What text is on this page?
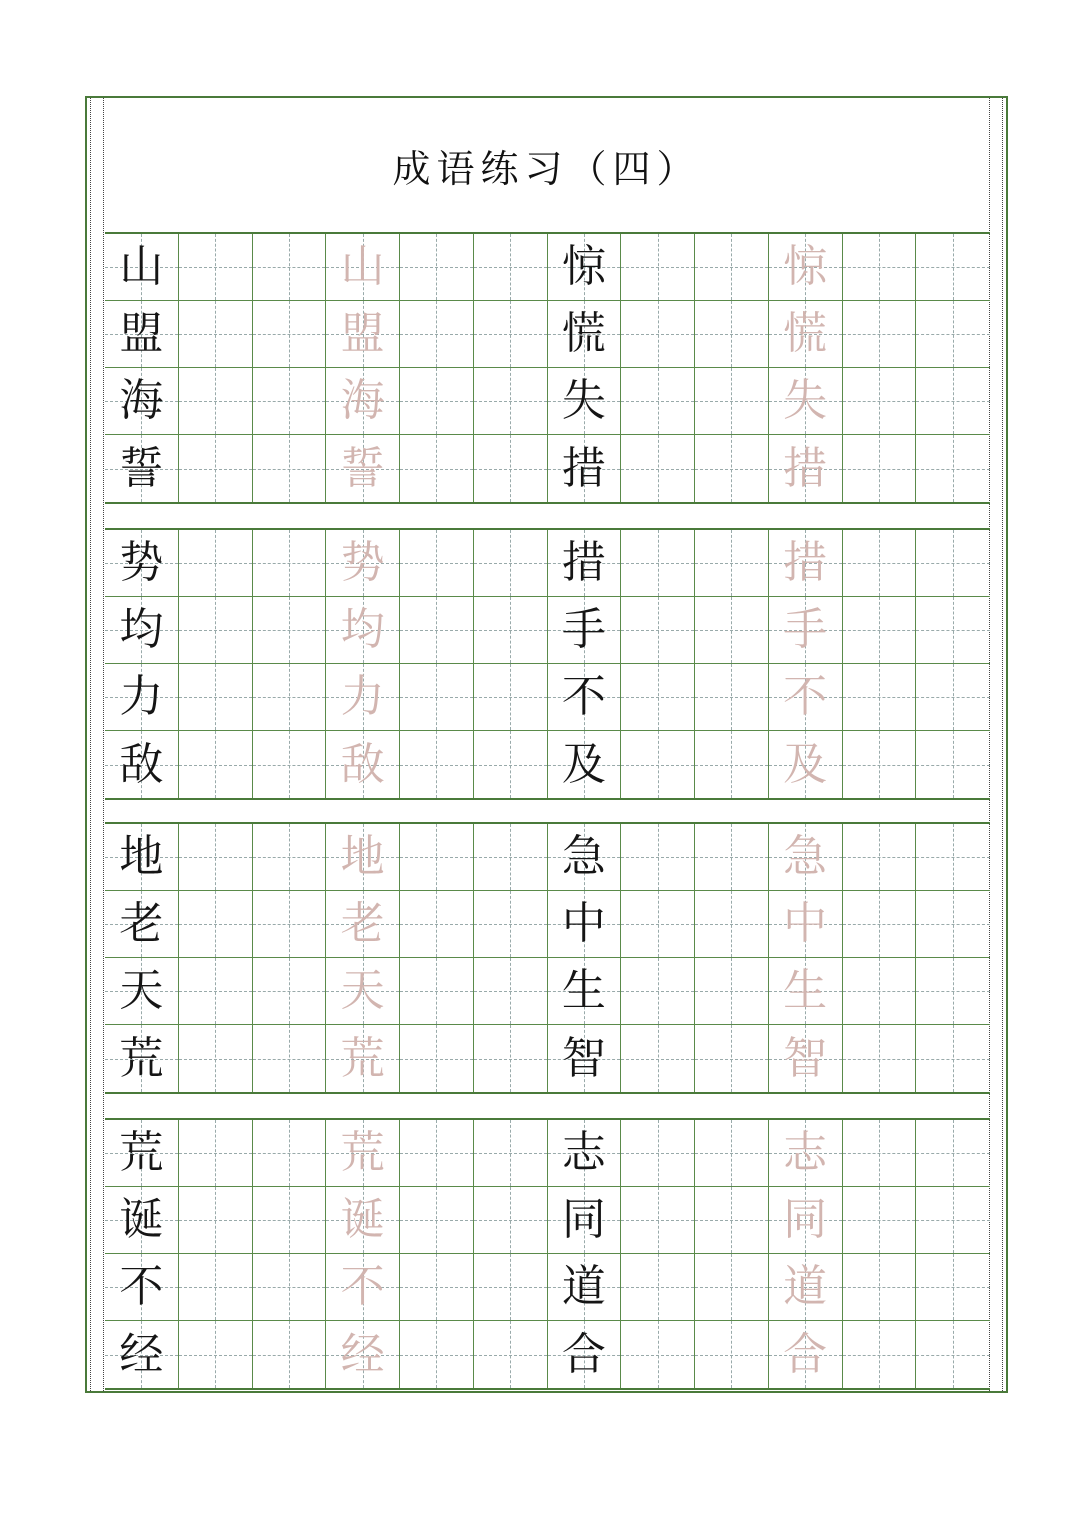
成语练习（四）
山	山	惊	惊
盟	盟	慌	慌
海	海	失	失
誓	誓	措	措
势	势	措	措
均	均	手	手
力	力	不	不
敌	敌	及	及
地	地	急	急
老	老	中	中
天	天	生	生
荒	荒	智	智
荒	荒	志	志
诞	诞	同	同
不	不	道	道
经	经	合	合
